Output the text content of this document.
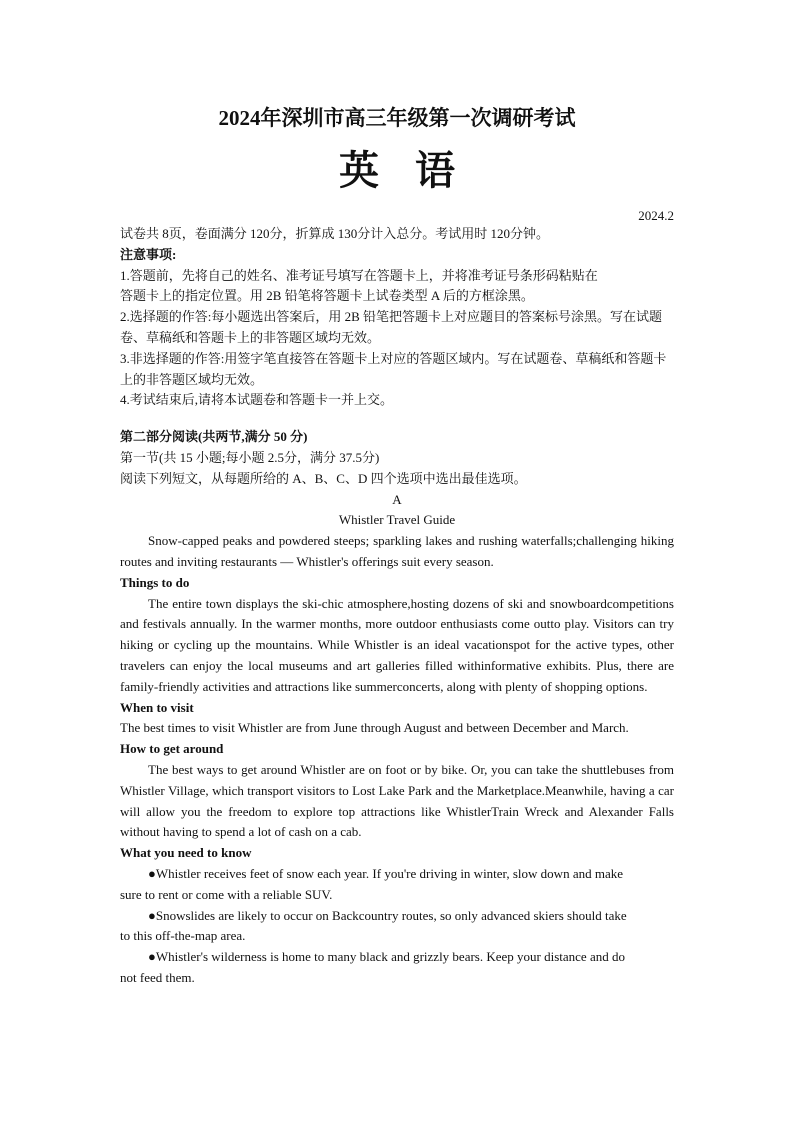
2024年深圳市高三年级第一次调研考试
英语
2024.2

试卷共 8页，卷面满分 120分，折算成 130分计入总分。考试用时 120分钟。

注意事项:

1.答题前，先将自己的姓名、准考证号填写在答题卡上，并将准考证号条形码粘贴在

答题卡上的指定位置。用 2B 铅笔将答题卡上试卷类型 A 后的方框涂黑。

2.选择题的作答:每小题选出答案后，用 2B 铅笔把答题卡上对应题目的答案标号涂黑。写在试题卷、草稿纸和答题卡上的非答题区域均无效。

3.非选择题的作答:用签字笔直接答在答题卡上对应的答题区域内。写在试题卷、草稿纸和答题卡上的非答题区域均无效。

4.考试结束后,请将本试题卷和答题卡一并上交。

第二部分阅读(共两节,满分 50 分)

第一节(共 15 小题;每小题 2.5分，满分 37.5分)

阅读下列短文，从每题所给的 A、B、C、D 四个选项中选出最佳选项。

A

Whistler Travel Guide

Snow-capped peaks and powdered steeps; sparkling lakes and rushing waterfalls;challenging hiking routes and inviting restaurants — Whistler's offerings suit every season.

Things to do

The entire town displays the ski-chic atmosphere,hosting dozens of ski and snowboardcompetitions and festivals annually. In the warmer months, more outdoor enthusiasts come outto play. Visitors can try hiking or cycling up the mountains. While Whistler is an ideal vacationspot for the active types, other travelers can enjoy the local museums and art galleries filled withinformative exhibits. Plus, there are family-friendly activities and attractions like summerconcerts, along with plenty of shopping options.

When to visit

The best times to visit Whistler are from June through August and between December and March.

How to get around

The best ways to get around Whistler are on foot or by bike. Or, you can take the shuttlebuses from Whistler Village, which transport visitors to Lost Lake Park and the Marketplace.Meanwhile, having a car will allow you the freedom to explore top attractions like WhistlerTrain Wreck and Alexander Falls without having to spend a lot of cash on a cab.

What you need to know

●Whistler receives feet of snow each year. If you're driving in winter, slow down and make sure to rent or come with a reliable SUV.

●Snowslides are likely to occur on Backcountry routes, so only advanced skiers should take to this off-the-map area.

●Whistler's wilderness is home to many black and grizzly bears. Keep your distance and do not feed them.
